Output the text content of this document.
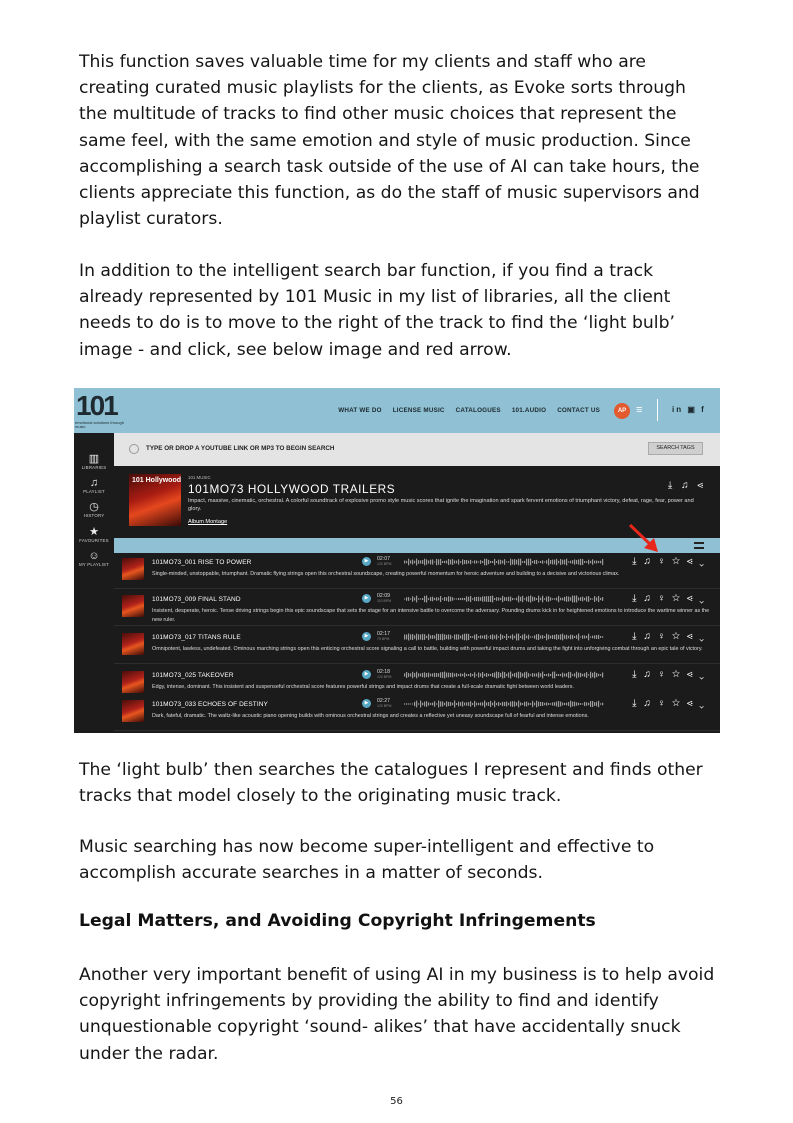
This function saves valuable time for my clients and staff who are creating curated music playlists for the clients, as Evoke sorts through the multitude of tracks to find other music choices that represent the same feel, with the same emotion and style of music production. Since accomplishing a search task outside of the use of AI can take hours, the clients appreciate this function, as do the staff of music supervisors and playlist curators.
In addition to the intelligent search bar function, if you find a track already represented by 101 Music in my list of libraries, all the client needs to do is to move to the right of the track to find the ‘light bulb’ image - and click, see below image and red arrow.
101
emotional solutions through music
WHAT WE DO LICENSE MUSIC CATALOGUES 101.AUDIO CONTACT US	AP ≡	in ▣ f
▥
LIBRARIES
♫
PLAYLIST
◷
HISTORY
★
FAVOURITES
☺
MY PLAYLIST
TYPE OR DROP A YOUTUBE LINK OR MP3 TO BEGIN SEARCH	SEARCH TAGS
101 Hollywood 101 MUSIC
101MO73 HOLLYWOOD TRAILERS
Impact, massive, cinematic, orchestral. A colorful soundtrack of explosive promo style music scores that ignite the imagination and spark fervent emotions of triumphant victory, defeat, rage, fear, power and glory.
Album Montage
⤓ ♫ ⋖
101MO73_001 RISE TO POWER	▶	02:07
120 BPM	⤓ ♫ ♀ ☆ ⋖ ⌄
Single-minded, unstoppable, triumphant. Dramatic flying strings open this orchestral soundscape, creating powerful momentum for heroic adventure and building to a decisive and victorious climax.
101MO73_009 FINAL STAND	▶	02:09
110 BPM	⤓ ♫ ♀ ☆ ⋖ ⌄
Insistent, desperate, heroic. Tense driving strings begin this epic soundscape that sets the stage for an intensive battle to overcome the adversary. Pounding drums kick in for heightened emotions to introduce the wartime winner as the new ruler.
101MO73_017 TITANS RULE	▶	02:17
75 BPM	⤓ ♫ ♀ ☆ ⋖ ⌄
Omnipotent, lawless, undefeated. Ominous marching strings open this enticing orchestral score signaling a call to battle, building with powerful impact drums and taking the fight into unforgiving combat through an epic tale of victory.
101MO73_025 TAKEOVER	▶	02:18
120 BPM	⤓ ♫ ♀ ☆ ⋖ ⌄
Edgy, intense, dominant. This insistent and suspenseful orchestral score features powerful strings and impact drums that create a full-scale dramatic fight between world leaders.
101MO73_033 ECHOES OF DESTINY	▶	02:27
120 BPM	⤓ ♫ ♀ ☆ ⋖ ⌄
Dark, fateful, dramatic. The waltz-like acoustic piano opening builds with ominous orchestral strings and creates a reflective yet uneasy soundscape full of fearful and intense emotions.
The ‘light bulb’ then searches the catalogues I represent and finds other tracks that model closely to the originating music track.
Music searching has now become super-intelligent and effective to accomplish accurate searches in a matter of seconds.
Legal Matters, and Avoiding Copyright Infringements
Another very important benefit of using AI in my business is to help avoid copyright infringements by providing the ability to find and identify unquestionable copyright ‘sound- alikes’ that have accidentally snuck under the radar.
56
